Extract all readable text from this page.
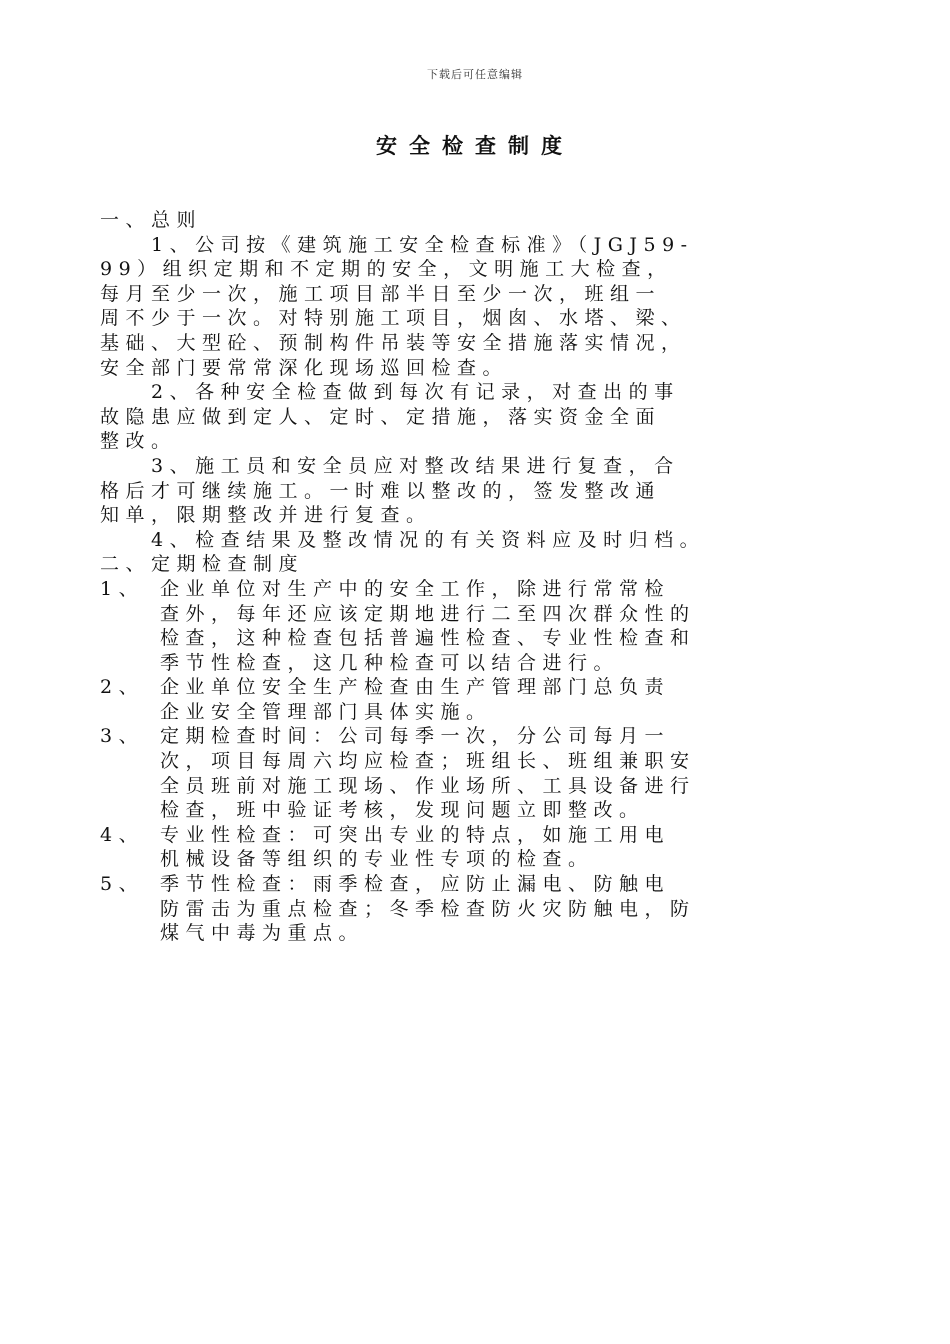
下载后可任意编辑
安全检查制度
一、总则
　　1、公司按《建筑施工安全检查标准》（JGJ59-
99）组织定期和不定期的安全，文明施工大检查，
每月至少一次，施工项目部半日至少一次，班组一
周不少于一次。对特别施工项目，烟囱、水塔、梁、
基础、大型砼、预制构件吊装等安全措施落实情况，
安全部门要常常深化现场巡回检查。
　　2、各种安全检查做到每次有记录，对查出的事
故隐患应做到定人、定时、定措施，落实资金全面
整改。
　　3、施工员和安全员应对整改结果进行复查，合
格后才可继续施工。一时难以整改的，签发整改通
知单，限期整改并进行复查。
　　4、检查结果及整改情况的有关资料应及时归档。
二、定期检查制度
1、 企业单位对生产中的安全工作，除进行常常检
查外，每年还应该定期地进行二至四次群众性的
检查，这种检查包括普遍性检查、专业性检查和
季节性检查，这几种检查可以结合进行。
2、 企业单位安全生产检查由生产管理部门总负责
企业安全管理部门具体实施。
3、 定期检查时间：公司每季一次，分公司每月一
次，项目每周六均应检查；班组长、班组兼职安
全员班前对施工现场、作业场所、工具设备进行
检查，班中验证考核，发现问题立即整改。
4、 专业性检查：可突出专业的特点，如施工用电
机械设备等组织的专业性专项的检查。
5、 季节性检查：雨季检查，应防止漏电、防触电
防雷击为重点检查；冬季检查防火灾防触电，防
煤气中毒为重点。
